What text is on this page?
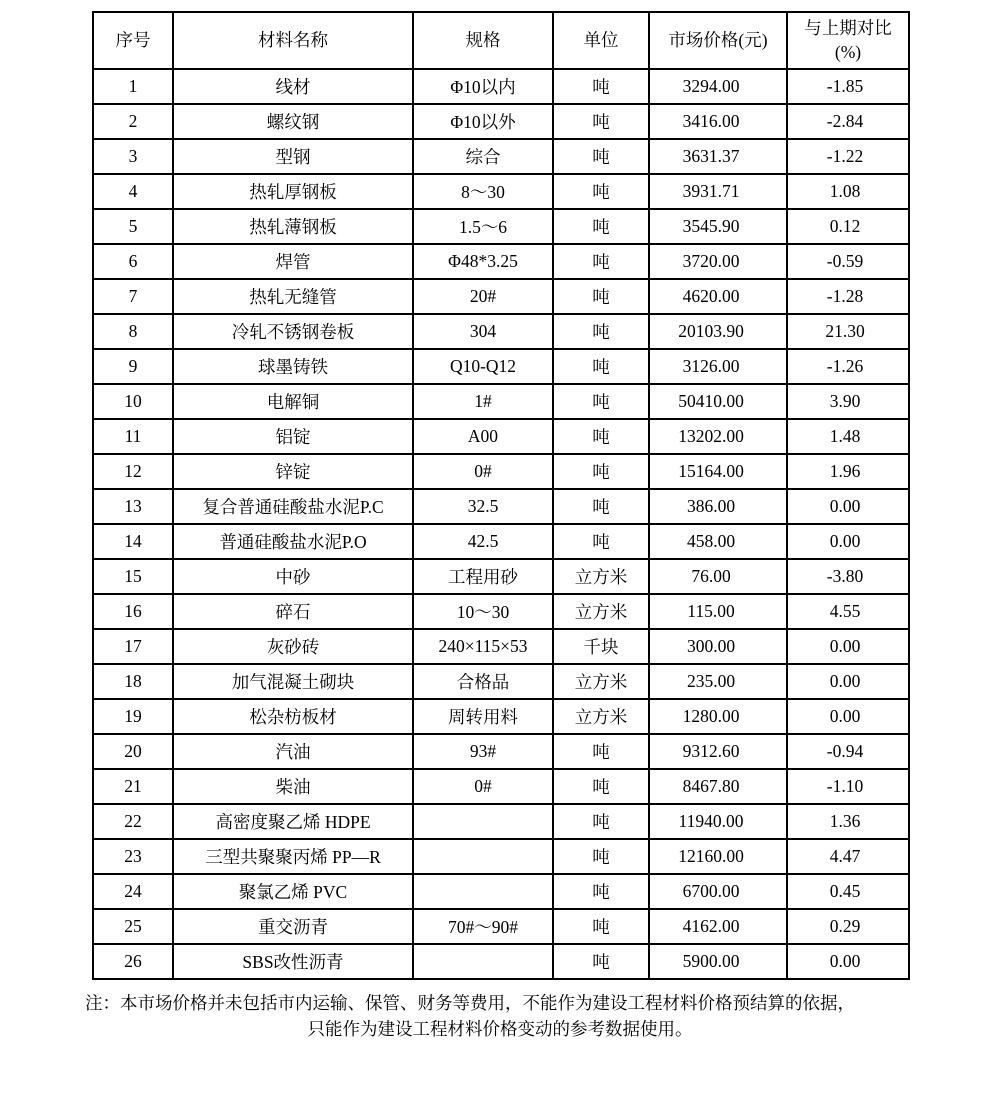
序号	材料名称	规格	单位	市场价格(元)	与上期对比
(%)

1	线材	Φ10以内	吨	3294.00	-1.85
2	螺纹钢	Φ10以外	吨	3416.00	-2.84
3	型钢	综合	吨	3631.37	-1.22
4	热轧厚钢板	8～30	吨	3931.71	1.08
5	热轧薄钢板	1.5～6	吨	3545.90	0.12
6	焊管	Φ48*3.25	吨	3720.00	-0.59
7	热轧无缝管	20#	吨	4620.00	-1.28
8	冷轧不锈钢卷板	304	吨	20103.90	21.30
9	球墨铸铁	Q10-Q12	吨	3126.00	-1.26
10	电解铜	1#	吨	50410.00	3.90
11	铝锭	A00	吨	13202.00	1.48
12	锌锭	0#	吨	15164.00	1.96
13	复合普通硅酸盐水泥P.C	32.5	吨	386.00	0.00
14	普通硅酸盐水泥P.O	42.5	吨	458.00	0.00
15	中砂	工程用砂	立方米	76.00	-3.80
16	碎石	10～30	立方米	115.00	4.55
17	灰砂砖	240×115×53	千块	300.00	0.00
18	加气混凝土砌块	合格品	立方米	235.00	0.00
19	松杂枋板材	周转用料	立方米	1280.00	0.00
20	汽油	93#	吨	9312.60	-0.94
21	柴油	0#	吨	8467.80	-1.10
22	高密度聚乙烯 HDPE		吨	11940.00	1.36
23	三型共聚聚丙烯 PP—R		吨	12160.00	4.47
24	聚氯乙烯 PVC		吨	6700.00	0.45
25	重交沥青	70#～90#	吨	4162.00	0.29
26	SBS改性沥青		吨	5900.00	0.00
注：本市场价格并未包括市内运输、保管、财务等费用，不能作为建设工程材料价格预结算的依据，
只能作为建设工程材料价格变动的参考数据使用。
